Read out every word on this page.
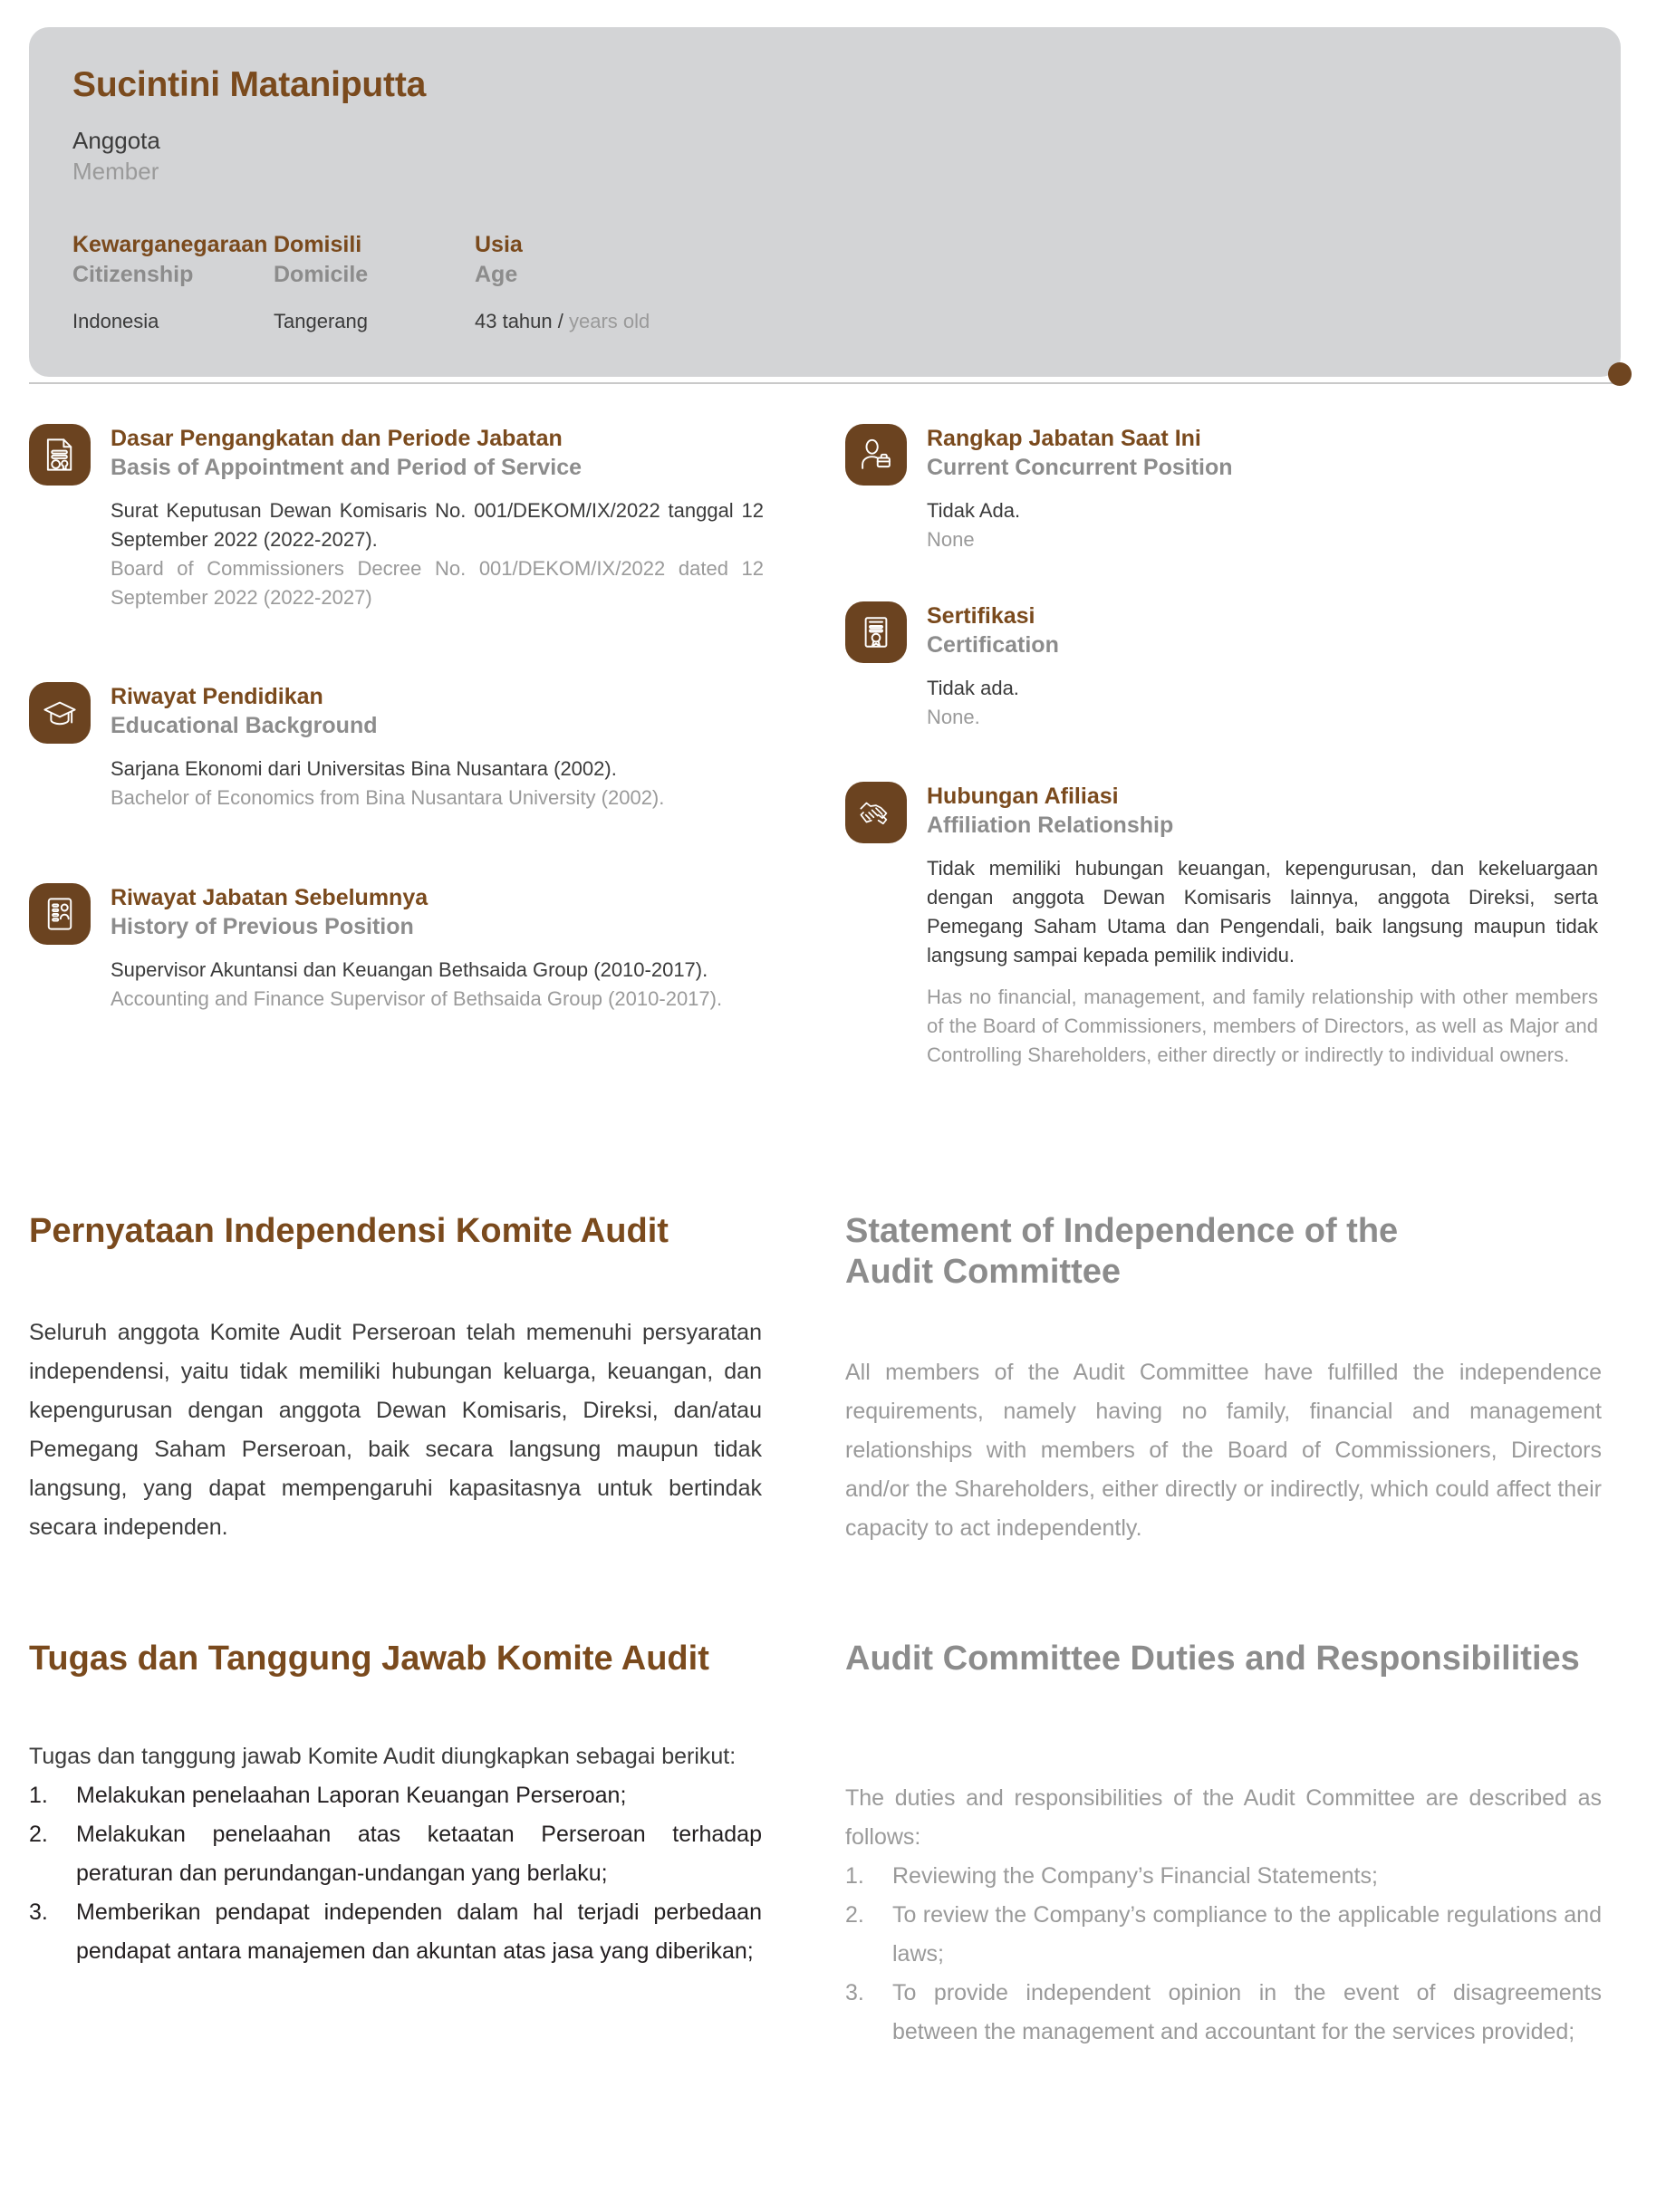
Sucintini Mataniputta
Anggota
Member
Kewarganegaraan
Citizenship
Indonesia
Domisili
Domicile
Tangerang
Usia
Age
43 tahun / years old
Dasar Pengangkatan dan Periode Jabatan
Basis of Appointment and Period of Service

Surat Keputusan Dewan Komisaris No. 001/DEKOM/IX/2022 tanggal 12 September 2022 (2022-2027).

Board of Commissioners Decree No. 001/DEKOM/IX/2022 dated 12 September 2022 (2022-2027)

Riwayat Pendidikan
Educational Background

Sarjana Ekonomi dari Universitas Bina Nusantara (2002).

Bachelor of Economics from Bina Nusantara University (2002).

Riwayat Jabatan Sebelumnya
History of Previous Position

Supervisor Akuntansi dan Keuangan Bethsaida Group (2010-2017).

Accounting and Finance Supervisor of Bethsaida Group (2010-2017).

Rangkap Jabatan Saat Ini
Current Concurrent Position

Tidak Ada.

None

Sertifikasi
Certification

Tidak ada.

None.

Hubungan Afiliasi
Affiliation Relationship

Tidak memiliki hubungan keuangan, kepengurusan, dan kekeluargaan dengan anggota Dewan Komisaris lainnya, anggota Direksi, serta Pemegang Saham Utama dan Pengendali, baik langsung maupun tidak langsung sampai kepada pemilik individu.

Has no financial, management, and family relationship with other members of the Board of Commissioners, members of Directors, as well as Major and Controlling Shareholders, either directly or indirectly to individual owners.

Pernyataan Independensi Komite Audit
Seluruh anggota Komite Audit Perseroan telah memenuhi persyaratan independensi, yaitu tidak memiliki hubungan keluarga, keuangan, dan kepengurusan dengan anggota Dewan Komisaris, Direksi, dan/atau Pemegang Saham Perseroan, baik secara langsung maupun tidak langsung, yang dapat mempengaruhi kapasitasnya untuk bertindak secara independen.
Statement of Independence of the
Audit Committee
All members of the Audit Committee have fulfilled the independence requirements, namely having no family, financial and management relationships with members of the Board of Commissioners, Directors and/or the Shareholders, either directly or indirectly, which could affect their capacity to act independently.
Tugas dan Tanggung Jawab Komite Audit
Tugas dan tanggung jawab Komite Audit diungkapkan sebagai berikut:
1.	Melakukan penelaahan Laporan Keuangan Perseroan;
2.	Melakukan penelaahan atas ketaatan Perseroan terhadap peraturan dan perundangan-undangan yang berlaku;
3.	Memberikan pendapat independen dalam hal terjadi perbedaan pendapat antara manajemen dan akuntan atas jasa yang diberikan;
Audit Committee Duties and Responsibilities
The duties and responsibilities of the Audit Committee are described as follows:
1.	Reviewing the Company’s Financial Statements;
2.	To review the Company’s compliance to the applicable regulations and laws;
3.	To provide independent opinion in the event of disagreements between the management and accountant for the services provided;
